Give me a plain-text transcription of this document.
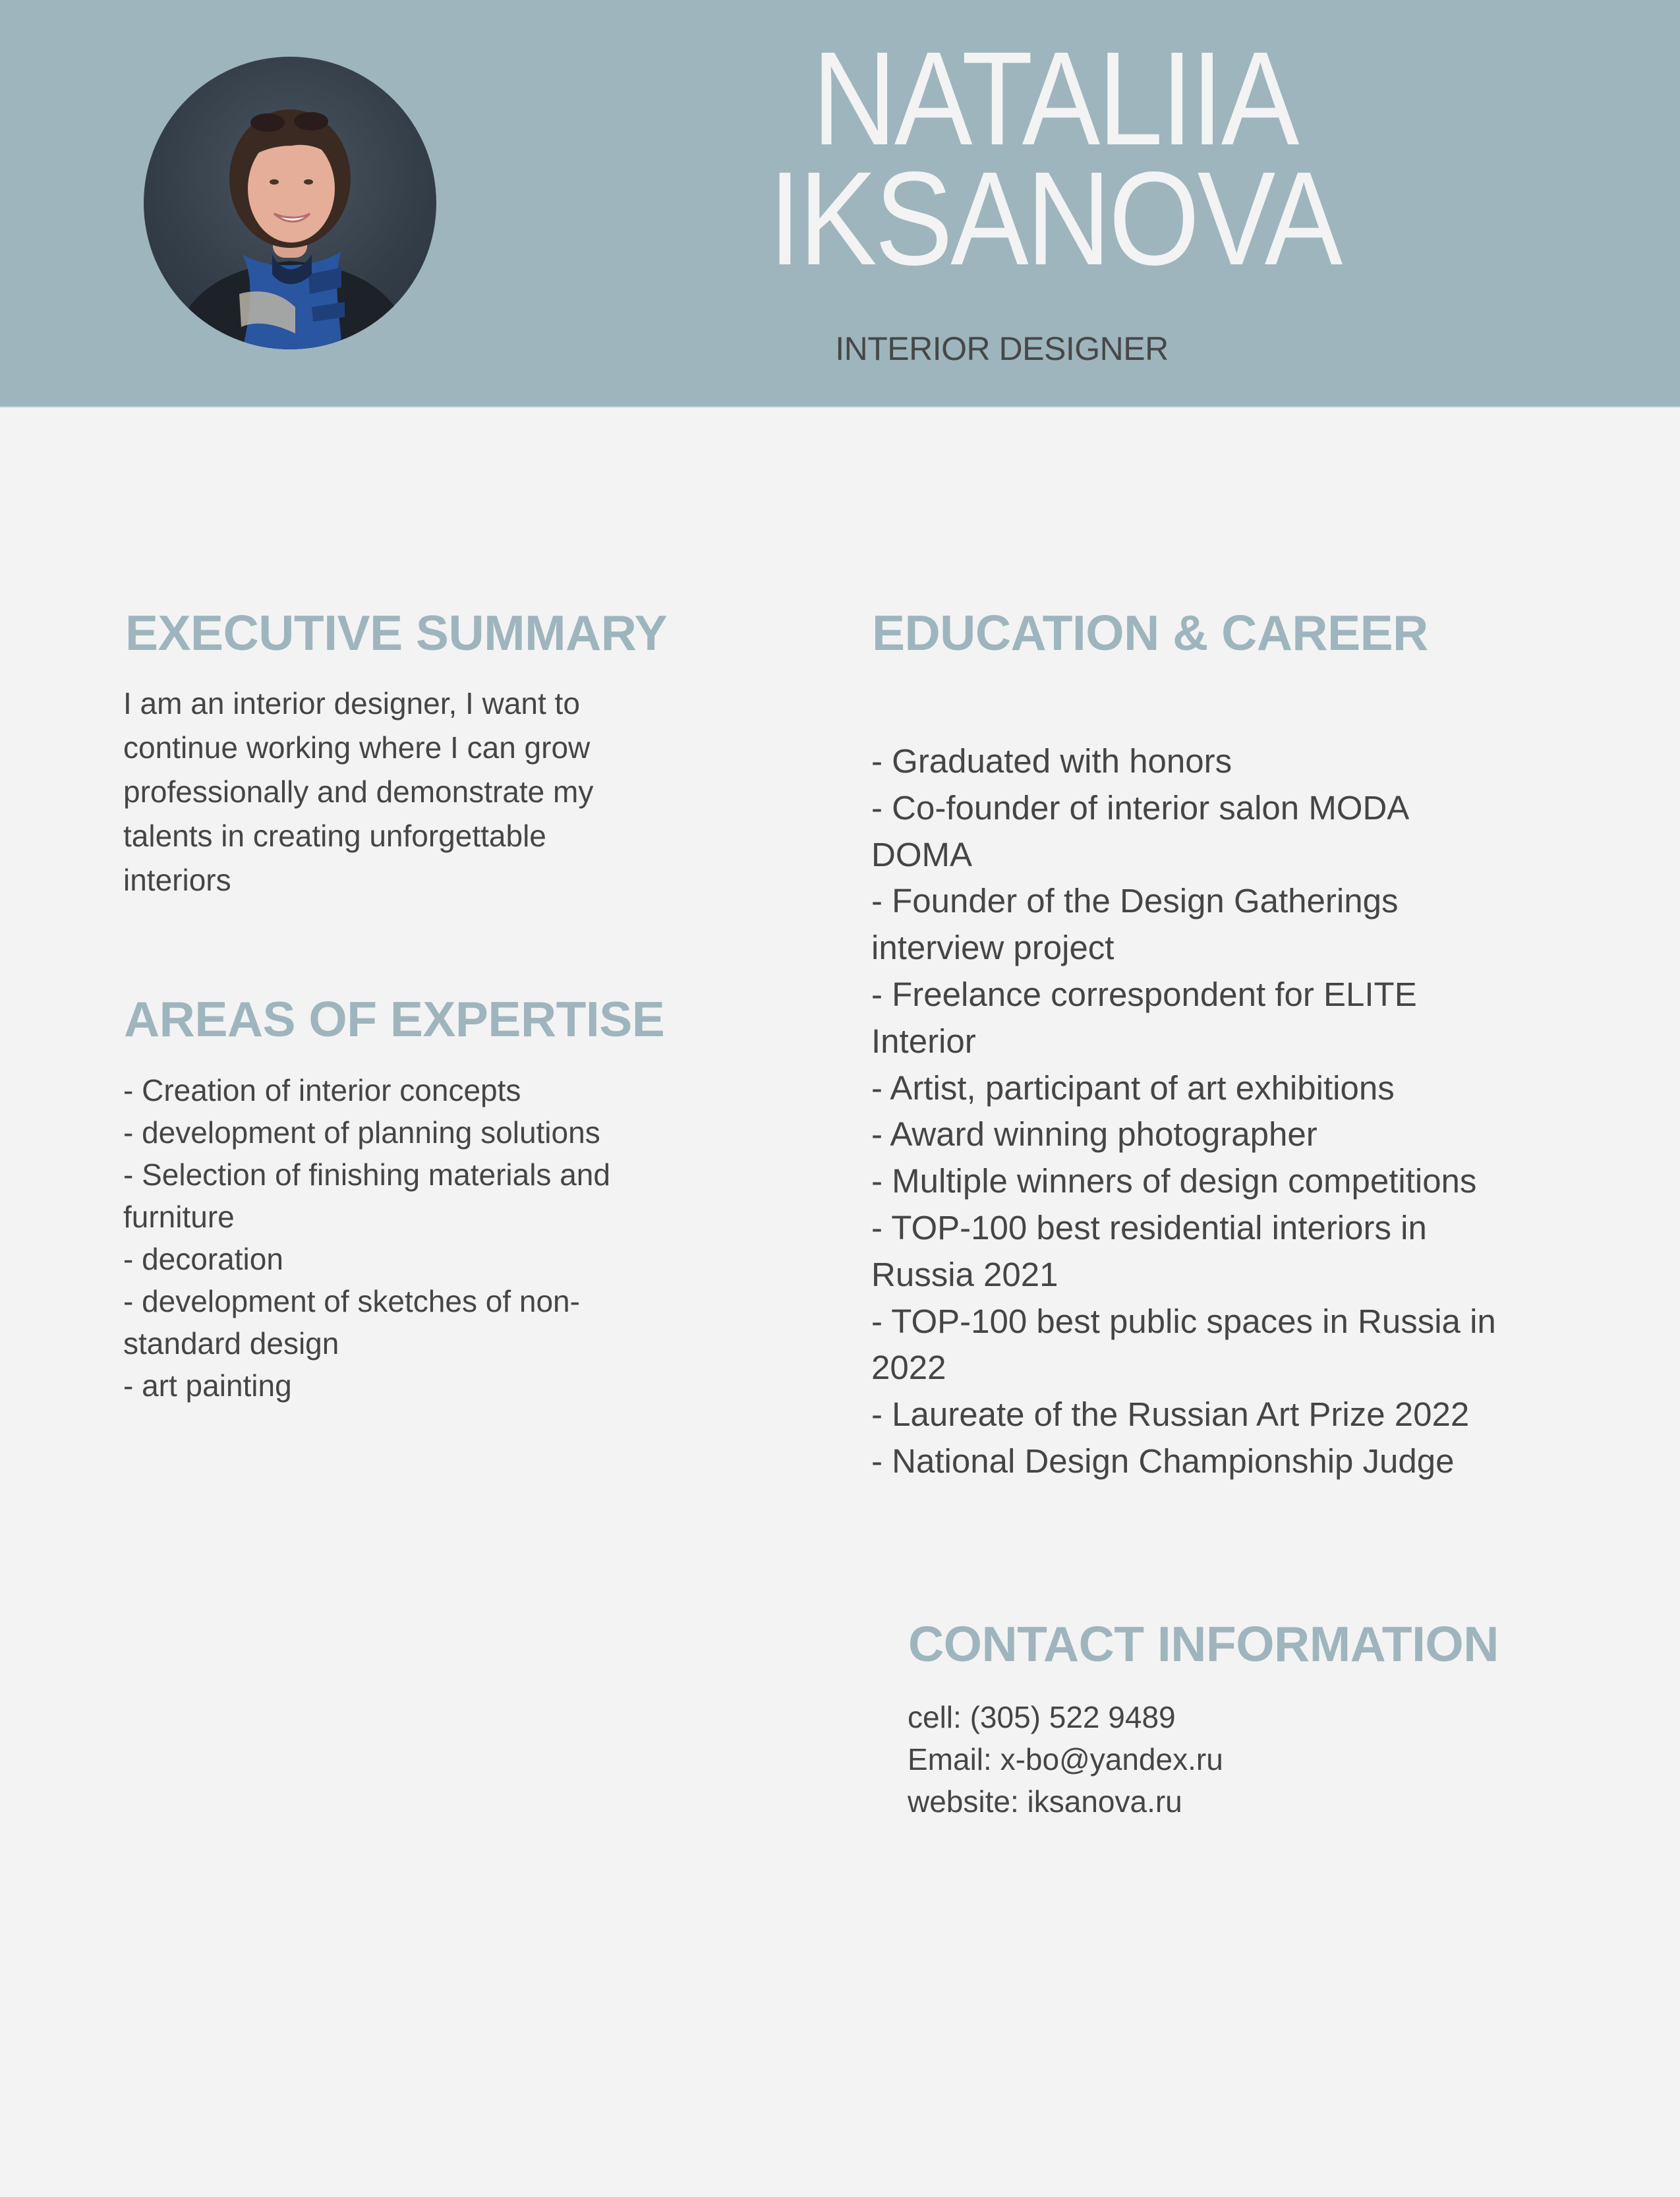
NATALIIA
IKSANOVA
INTERIOR DESIGNER
EXECUTIVE SUMMARY
I am an interior designer, I want to
continue working where I can grow
professionally and demonstrate my
talents in creating unforgettable
interiors
AREAS OF EXPERTISE
- Creation of interior concepts
- development of planning solutions
- Selection of finishing materials and
furniture
- decoration
- development of sketches of non-
standard design
- art painting
EDUCATION & CAREER
- Graduated with honors
- Co-founder of interior salon MODA
DOMA
- Founder of the Design Gatherings
interview project
- Freelance correspondent for ELITE
Interior
- Artist, participant of art exhibitions
- Award winning photographer
- Multiple winners of design competitions
- TOP-100 best residential interiors in
Russia 2021
- TOP-100 best public spaces in Russia in
2022
- Laureate of the Russian Art Prize 2022
- National Design Championship Judge
CONTACT INFORMATION
cell: (305) 522 9489
Email: x-bo@yandex.ru
website: iksanova.ru
